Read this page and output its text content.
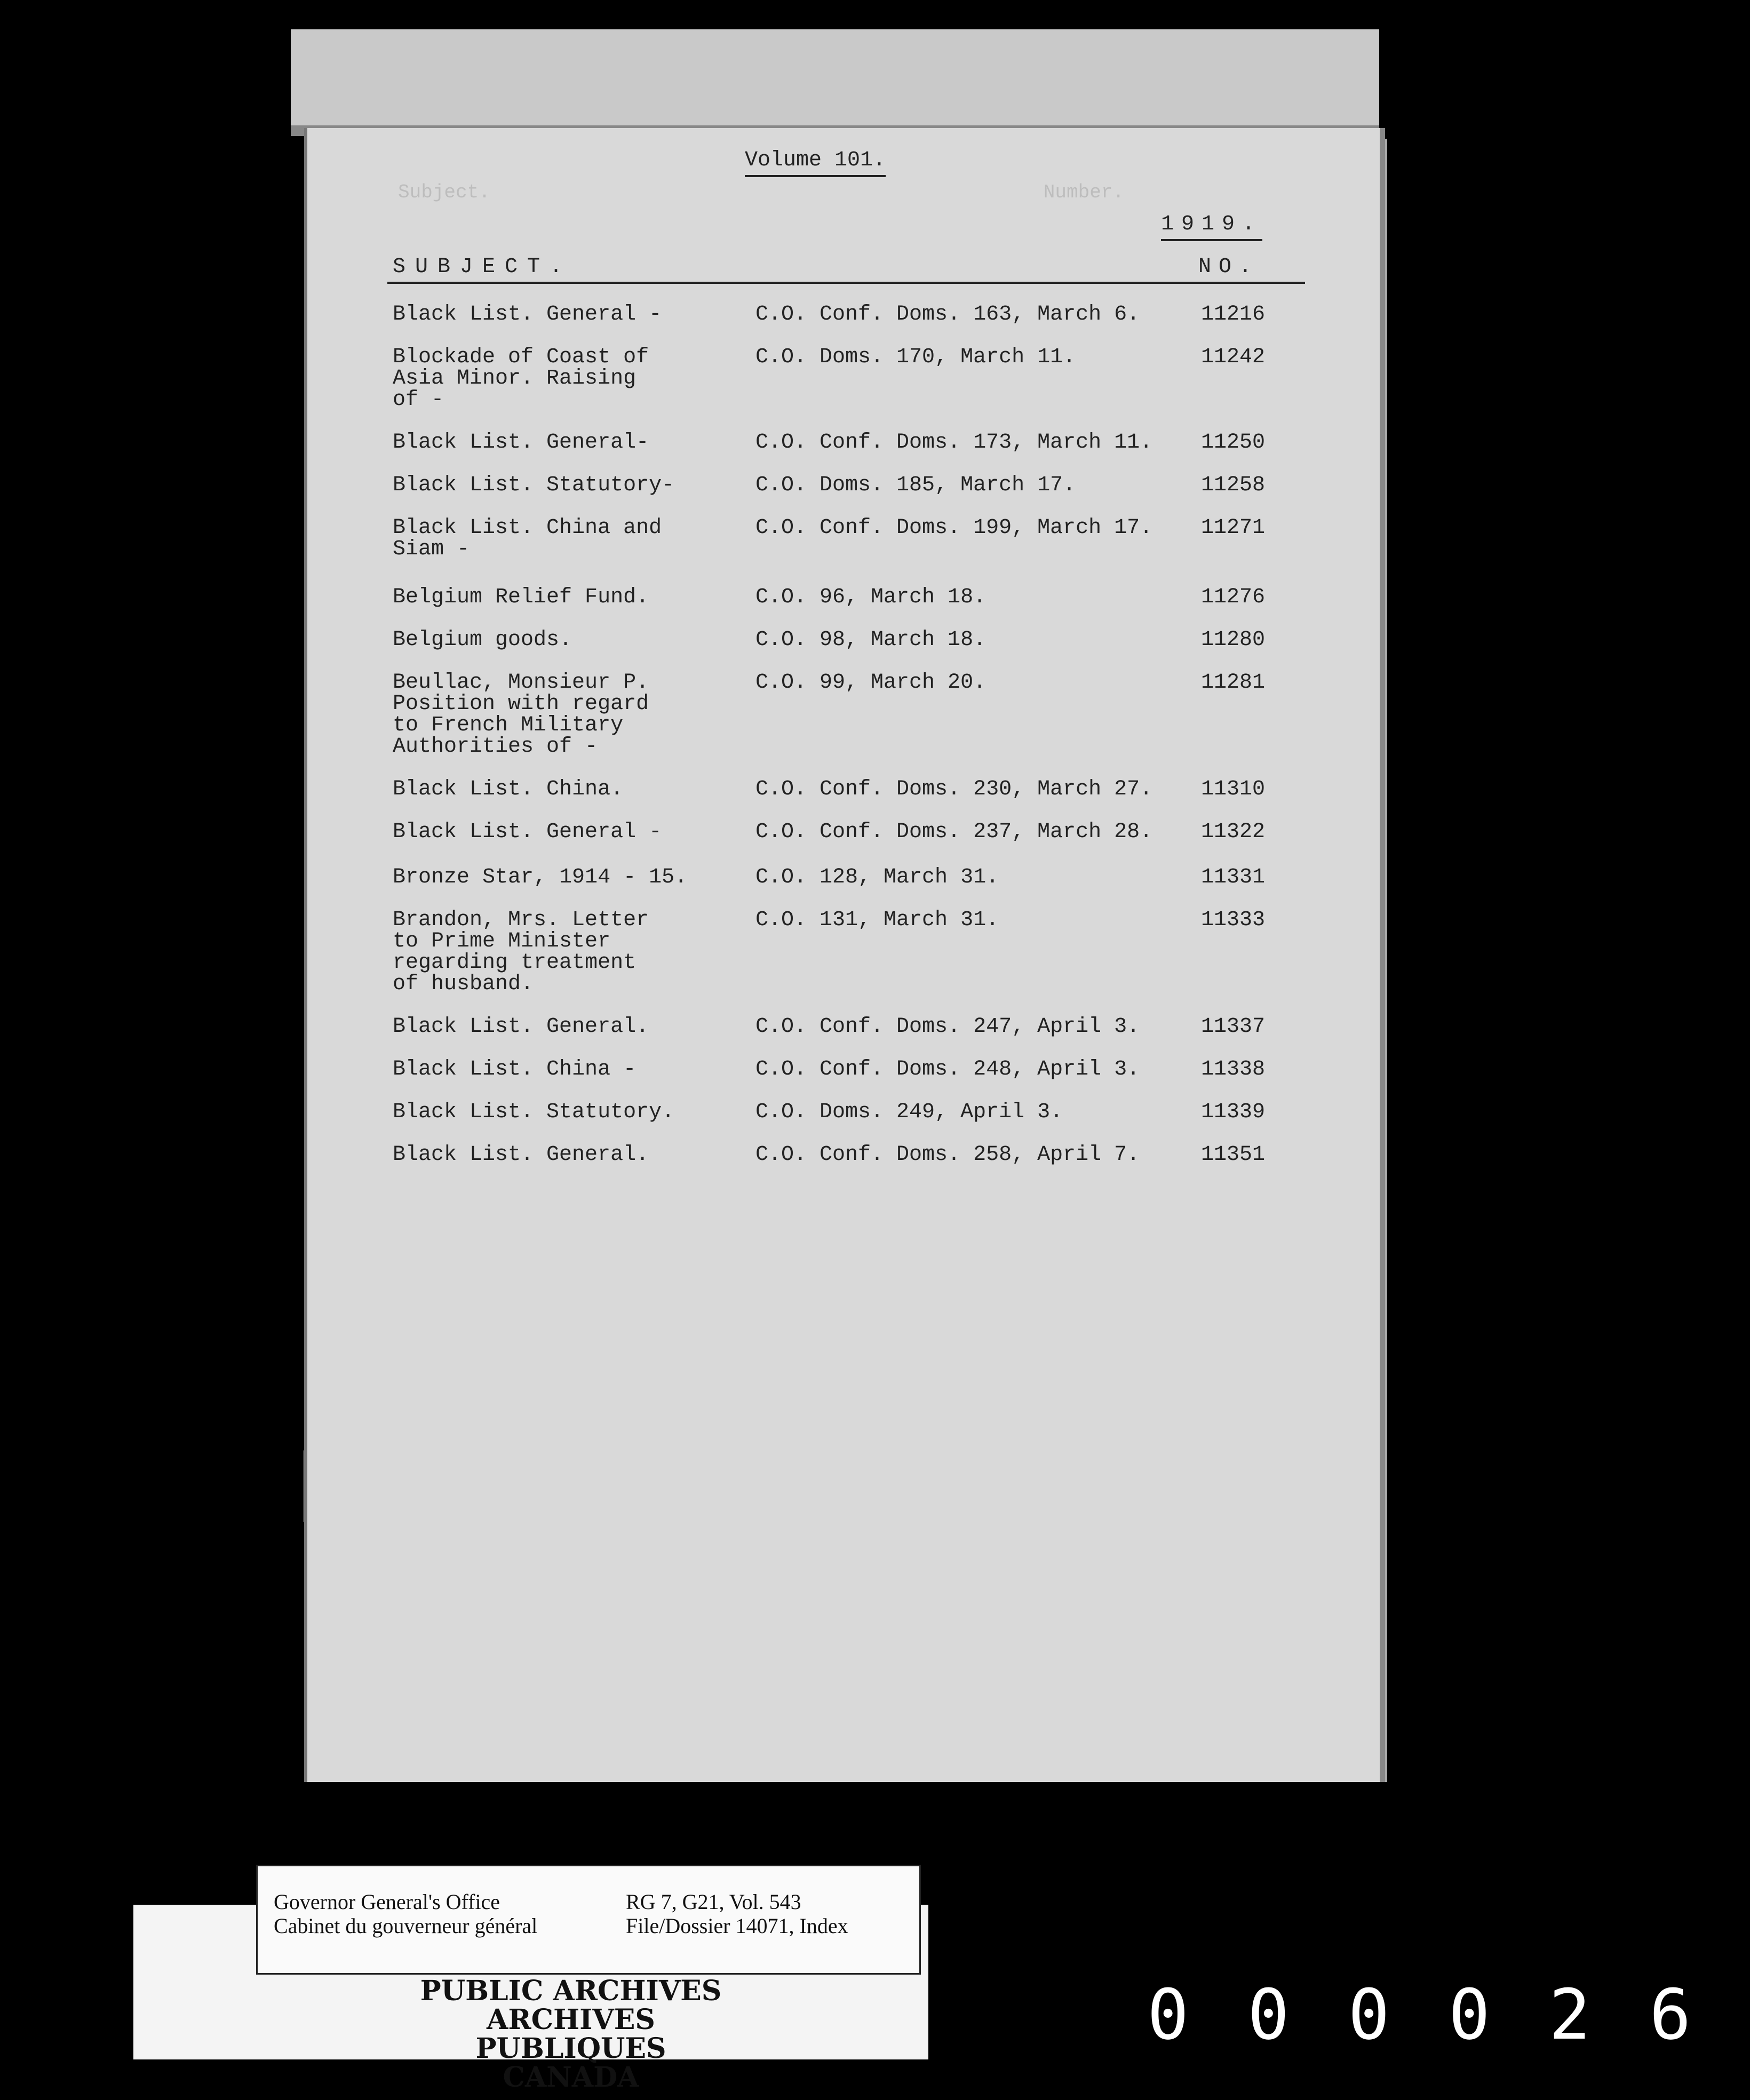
Subject.                                                Number.
Volume 101.
1919.
SUBJECT.	NO.
Black List. General -	C.O. Conf. Doms. 163, March 6.	11216
Blockade of Coast of
Asia Minor. Raising
of -
C.O. Doms. 170, March 11.	11242
Black List. General-	C.O. Conf. Doms. 173, March 11.	11250
Black List. Statutory-	C.O. Doms. 185, March 17.	11258
Black List. China and
Siam -
C.O. Conf. Doms. 199, March 17.	11271
Belgium Relief Fund.	C.O. 96, March 18.	11276
Belgium goods.	C.O. 98, March 18.	11280
Beullac, Monsieur P.
Position with regard
to French Military
Authorities of -
C.O. 99, March 20.	11281
Black List. China.	C.O. Conf. Doms. 230, March 27.	11310
Black List. General -	C.O. Conf. Doms. 237, March 28.	11322
Bronze Star, 1914 - 15.	C.O. 128, March 31.	11331
Brandon, Mrs. Letter
to Prime Minister
regarding treatment
of husband.
C.O. 131, March 31.	11333
Black List. General.	C.O. Conf. Doms. 247, April 3.	11337
Black List. China -	C.O. Conf. Doms. 248, April 3.	11338
Black List. Statutory.	C.O. Doms. 249, April 3.	11339
Black List. General.	C.O. Conf. Doms. 258, April 7.	11351
Governor General's Office
Cabinet du gouverneur général
RG 7, G21, Vol. 543
File/Dossier 14071, Index
PUBLIC ARCHIVES
ARCHIVES PUBLIQUES
CANADA
000026
